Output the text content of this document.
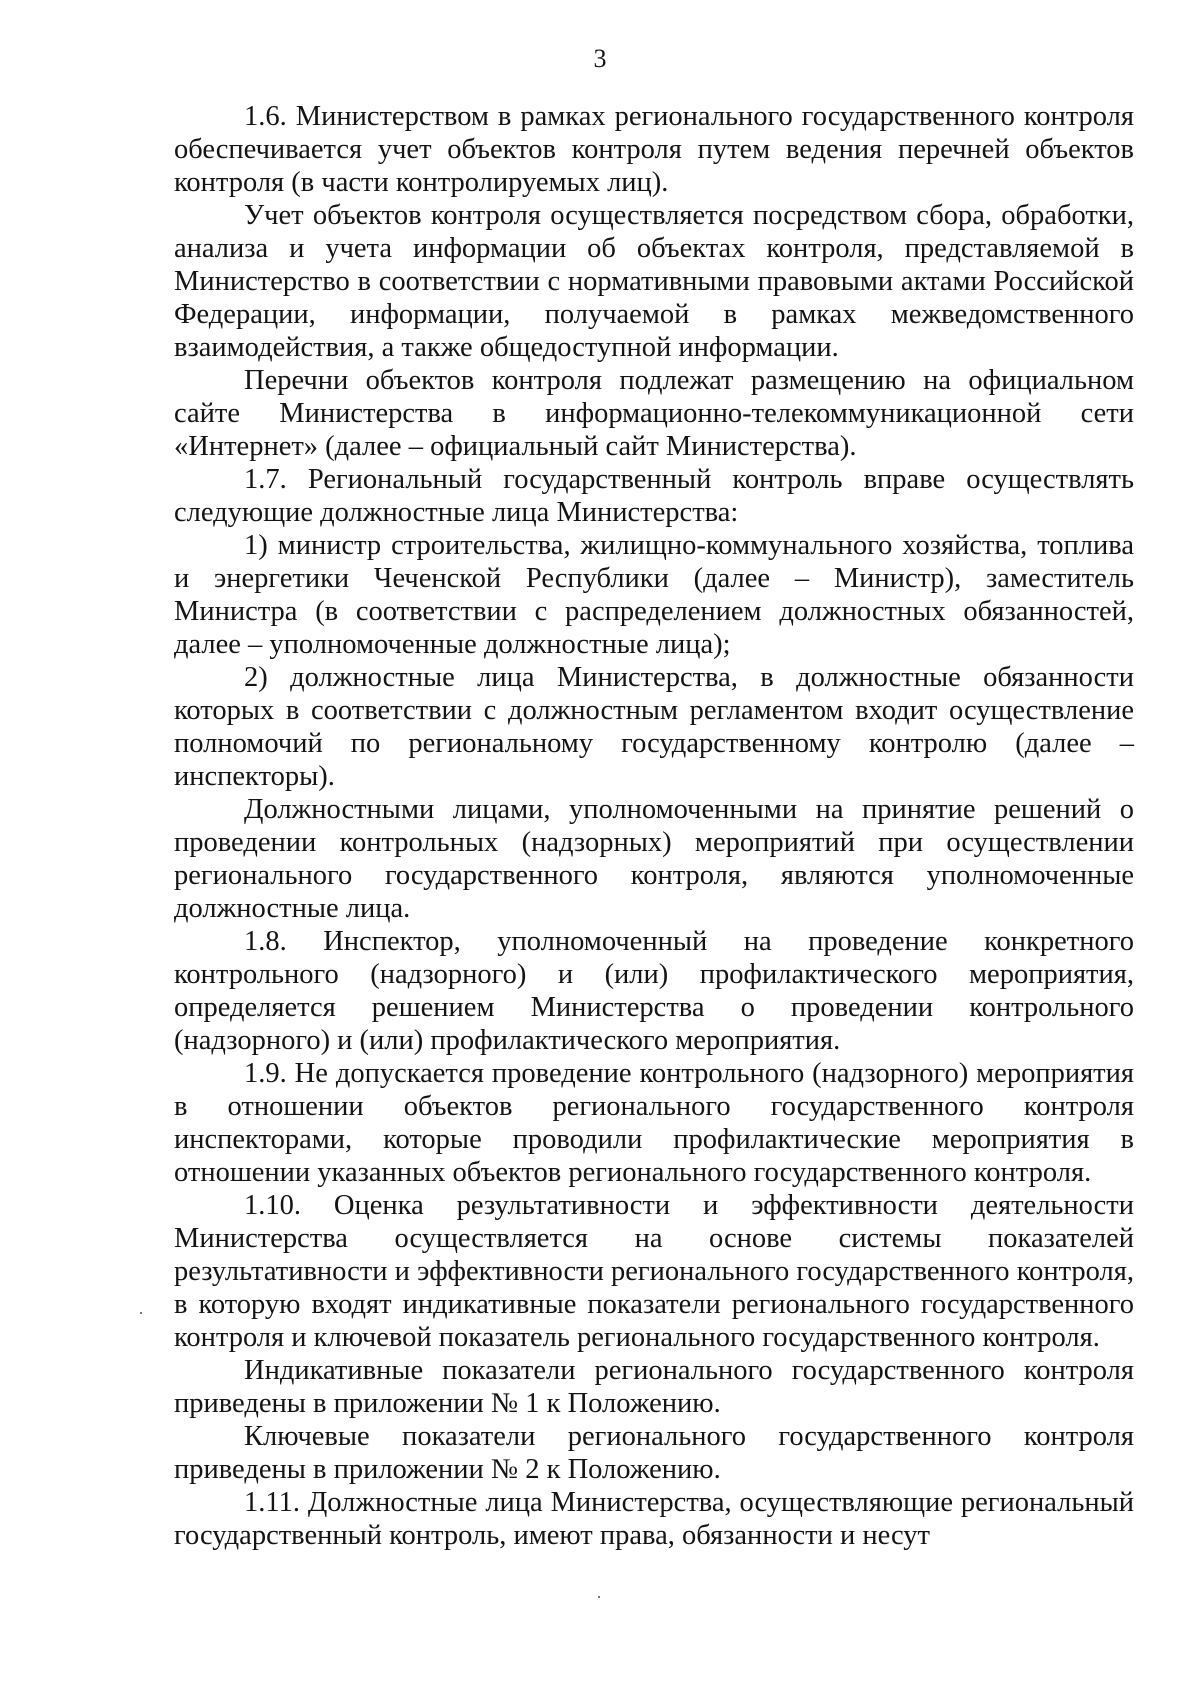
3

1.6. Министерством в рамках регионального государственного контроля обеспечивается учет объектов контроля путем ведения перечней объектов контроля (в части контролируемых лиц).

Учет объектов контроля осуществляется посредством сбора, обработки, анализа и учета информации об объектах контроля, представляемой в Министерство в соответствии с нормативными правовыми актами Российской Федерации, информации, получаемой в рамках межведомственного взаимодействия, а также общедоступной информации.

Перечни объектов контроля подлежат размещению на официальном сайте Министерства в информационно-телекоммуникационной сети «Интернет» (далее – официальный сайт Министерства).

1.7. Региональный государственный контроль вправе осуществлять следующие должностные лица Министерства:

1) министр строительства, жилищно-коммунального хозяйства, топлива и энергетики Чеченской Республики (далее – Министр), заместитель Министра (в соответствии с распределением должностных обязанностей, далее – уполномоченные должностные лица);

2) должностные лица Министерства, в должностные обязанности которых в соответствии с должностным регламентом входит осуществление полномочий по региональному государственному контролю (далее – инспекторы).

Должностными лицами, уполномоченными на принятие решений о проведении контрольных (надзорных) мероприятий при осуществлении регионального государственного контроля, являются уполномоченные должностные лица.

1.8. Инспектор, уполномоченный на проведение конкретного контрольного (надзорного) и (или) профилактического мероприятия, определяется решением Министерства о проведении контрольного (надзорного) и (или) профилактического мероприятия.

1.9. Не допускается проведение контрольного (надзорного) мероприятия в отношении объектов регионального государственного контроля инспекторами, которые проводили профилактические мероприятия в отношении указанных объектов регионального государственного контроля.

1.10. Оценка результативности и эффективности деятельности Министерства осуществляется на основе системы показателей результативности и эффективности регионального государственного контроля, в которую входят индикативные показатели регионального государственного контроля и ключевой показатель регионального государственного контроля.

Индикативные показатели регионального государственного контроля приведены в приложении № 1 к Положению.

Ключевые показатели регионального государственного контроля приведены в приложении № 2 к Положению.

1.11. Должностные лица Министерства, осуществляющие региональный государственный контроль, имеют права, обязанности и несут
